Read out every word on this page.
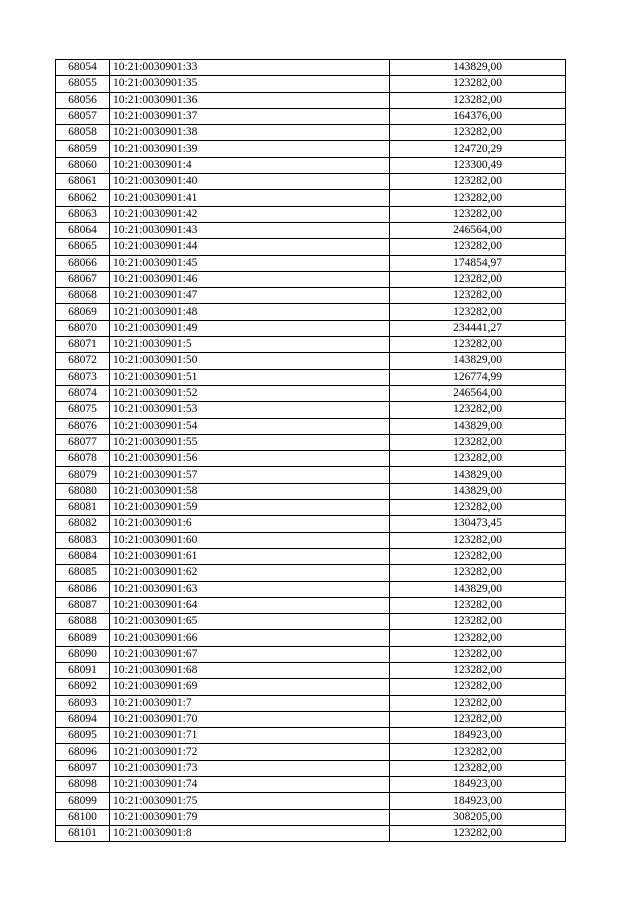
68054	10:21:0030901:33	143829,00
68055	10:21:0030901:35	123282,00
68056	10:21:0030901:36	123282,00
68057	10:21:0030901:37	164376,00
68058	10:21:0030901:38	123282,00
68059	10:21:0030901:39	124720,29
68060	10:21:0030901:4	123300,49
68061	10:21:0030901:40	123282,00
68062	10:21:0030901:41	123282,00
68063	10:21:0030901:42	123282,00
68064	10:21:0030901:43	246564,00
68065	10:21:0030901:44	123282,00
68066	10:21:0030901:45	174854,97
68067	10:21:0030901:46	123282,00
68068	10:21:0030901:47	123282,00
68069	10:21:0030901:48	123282,00
68070	10:21:0030901:49	234441,27
68071	10:21:0030901:5	123282,00
68072	10:21:0030901:50	143829,00
68073	10:21:0030901:51	126774,99
68074	10:21:0030901:52	246564,00
68075	10:21:0030901:53	123282,00
68076	10:21:0030901:54	143829,00
68077	10:21:0030901:55	123282,00
68078	10:21:0030901:56	123282,00
68079	10:21:0030901:57	143829,00
68080	10:21:0030901:58	143829,00
68081	10:21:0030901:59	123282,00
68082	10:21:0030901:6	130473,45
68083	10:21:0030901:60	123282,00
68084	10:21:0030901:61	123282,00
68085	10:21:0030901:62	123282,00
68086	10:21:0030901:63	143829,00
68087	10:21:0030901:64	123282,00
68088	10:21:0030901:65	123282,00
68089	10:21:0030901:66	123282,00
68090	10:21:0030901:67	123282,00
68091	10:21:0030901:68	123282,00
68092	10:21:0030901:69	123282,00
68093	10:21:0030901:7	123282,00
68094	10:21:0030901:70	123282,00
68095	10:21:0030901:71	184923,00
68096	10:21:0030901:72	123282,00
68097	10:21:0030901:73	123282,00
68098	10:21:0030901:74	184923,00
68099	10:21:0030901:75	184923,00
68100	10:21:0030901:79	308205,00
68101	10:21:0030901:8	123282,00
